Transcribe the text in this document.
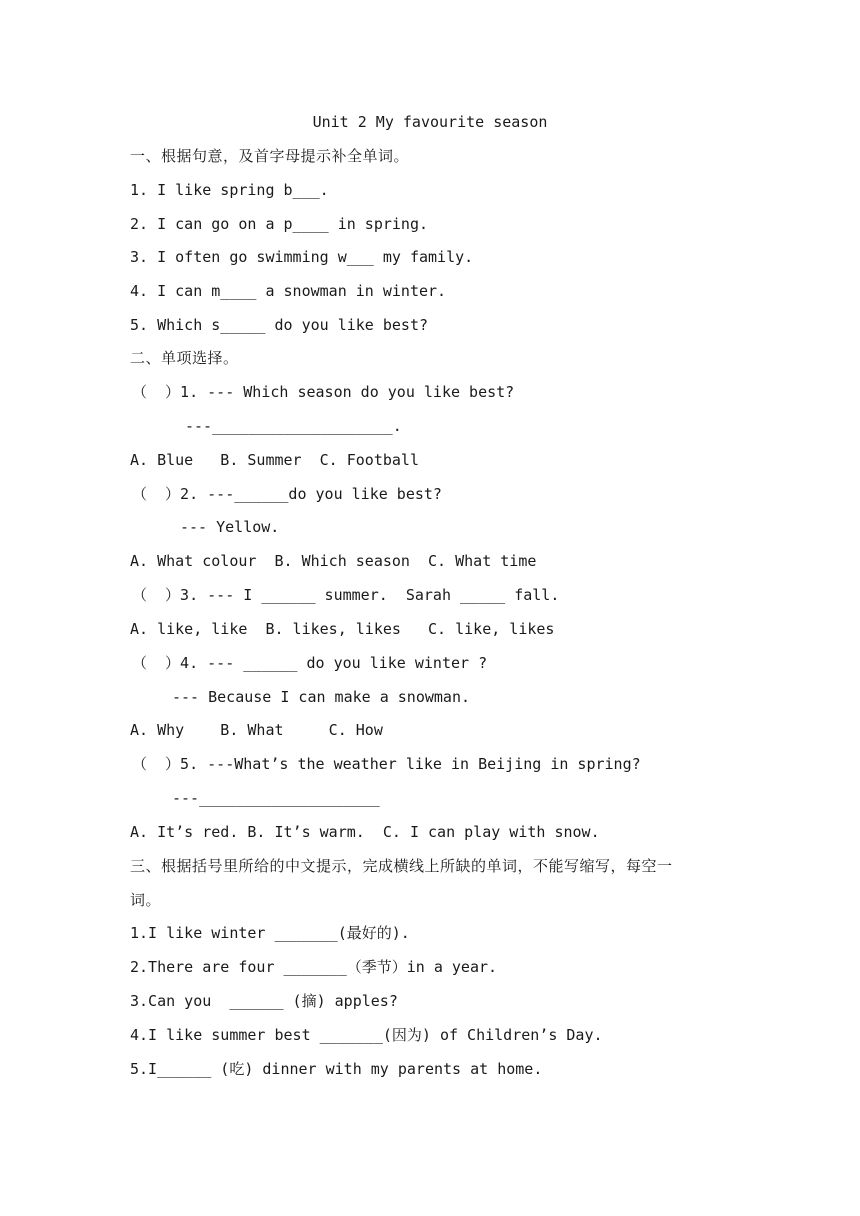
Unit 2 My favourite season
一、根据句意，及首字母提示补全单词。
1. I like spring b___.
2. I can go on a p____ in spring.
3. I often go swimming w___ my family.
4. I can m____ a snowman in winter.
5. Which s_____ do you like best?
二、单项选择。
（  ）1. --- Which season do you like best?
---____________________.
A. Blue   B. Summer  C. Football
（  ）2. ---______do you like best?
--- Yellow.
A. What colour  B. Which season  C. What time
（  ）3. --- I ______ summer.  Sarah _____ fall.
A. like, like  B. likes, likes   C. like, likes
（  ）4. --- ______ do you like winter ?
--- Because I can make a snowman.
A. Why    B. What     C. How
（  ）5. ---What’s the weather like in Beijing in spring?
---____________________
A. It’s red. B. It’s warm.  C. I can play with snow.
三、根据括号里所给的中文提示，完成横线上所缺的单词，不能写缩写，每空一
词。
1.I like winter _______(最好的).
2.There are four _______（季节）in a year.
3.Can you  ______ (摘) apples?
4.I like summer best _______(因为) of Children’s Day.
5.I______ (吃) dinner with my parents at home.
